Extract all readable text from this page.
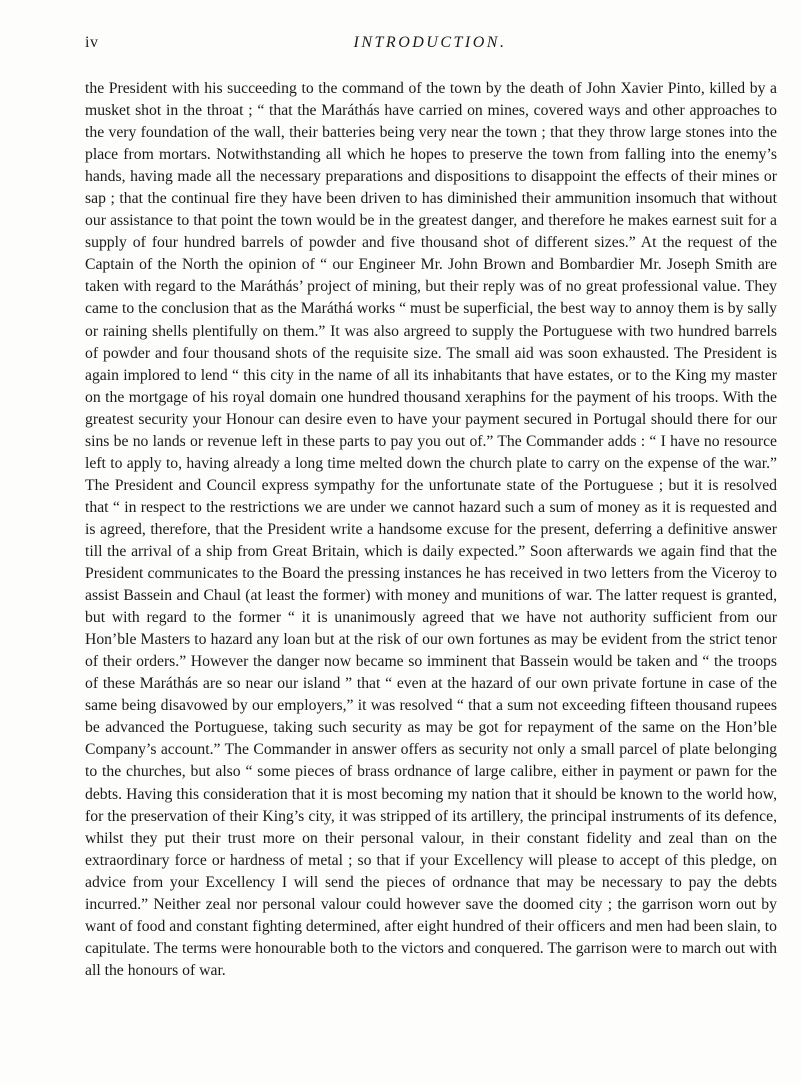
iv	INTRODUCTION.

the President with his succeeding to the command of the town by the death of John Xavier Pinto, killed by a musket shot in the throat ; “ that the Maráthás have carried on mines, covered ways and other approaches to the very foundation of the wall, their batteries being very near the town ; that they throw large stones into the place from mortars. Notwithstanding all which he hopes to preserve the town from falling into the enemy’s hands, having made all the necessary preparations and dispositions to disappoint the effects of their mines or sap ; that the continual fire they have been driven to has diminished their ammunition insomuch that without our assistance to that point the town would be in the greatest danger, and therefore he makes earnest suit for a supply of four hundred barrels of powder and five thousand shot of different sizes.” At the request of the Captain of the North the opinion of “ our Engineer Mr. John Brown and Bombardier Mr. Joseph Smith are taken with regard to the Maráthás’ project of mining, but their reply was of no great professional value. They came to the conclusion that as the Maráthá works “ must be superficial, the best way to annoy them is by sally or raining shells plentifully on them.” It was also argreed to supply the Portuguese with two hundred barrels of powder and four thousand shots of the requisite size. The small aid was soon exhausted. The President is again implored to lend “ this city in the name of all its inhabitants that have estates, or to the King my master on the mortgage of his royal domain one hundred thousand xeraphins for the payment of his troops. With the greatest security your Honour can desire even to have your payment secured in Portugal should there for our sins be no lands or revenue left in these parts to pay you out of.” The Commander adds : “ I have no resource left to apply to, having already a long time melted down the church plate to carry on the expense of the war.” The President and Council express sympathy for the unfortunate state of the Portuguese ; but it is resolved that “ in respect to the restrictions we are under we cannot hazard such a sum of money as it is requested and is agreed, therefore, that the President write a handsome excuse for the present, deferring a definitive answer till the arrival of a ship from Great Britain, which is daily expected.” Soon afterwards we again find that the President communicates to the Board the pressing instances he has received in two letters from the Viceroy to assist Bassein and Chaul (at least the former) with money and munitions of war. The latter request is granted, but with regard to the former “ it is unanimously agreed that we have not authority sufficient from our Hon’ble Masters to hazard any loan but at the risk of our own fortunes as may be evident from the strict tenor of their orders.” However the danger now became so imminent that Bassein would be taken and “ the troops of these Maráthás are so near our island ” that “ even at the hazard of our own private fortune in case of the same being disavowed by our employers,” it was resolved “ that a sum not exceeding fifteen thousand rupees be advanced the Portuguese, taking such security as may be got for repayment of the same on the Hon’ble Company’s account.” The Commander in answer offers as security not only a small parcel of plate belonging to the churches, but also “ some pieces of brass ordnance of large calibre, either in payment or pawn for the debts. Having this consideration that it is most becoming my nation that it should be known to the world how, for the preservation of their King’s city, it was stripped of its artillery, the principal instruments of its defence, whilst they put their trust more on their personal valour, in their constant fidelity and zeal than on the extraordinary force or hardness of metal ; so that if your Excellency will please to accept of this pledge, on advice from your Excellency I will send the pieces of ordnance that may be necessary to pay the debts incurred.” Neither zeal nor personal valour could however save the doomed city ; the garrison worn out by want of food and constant fighting determined, after eight hundred of their officers and men had been slain, to capitulate. The terms were honourable both to the victors and conquered. The garrison were to march out with all the honours of war.
